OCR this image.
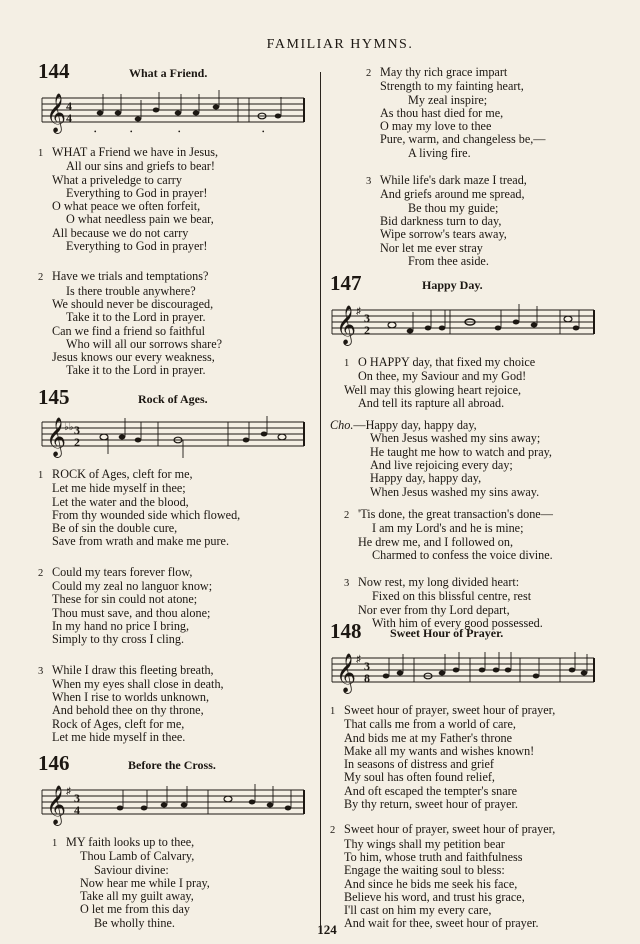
FAMILIAR HYMNS.
144	What a Friend.
𝄞 4
4
•	•	•	•
1 WHAT a Friend we have in Jesus,
All our sins and griefs to bear!
What a priveledge to carry
Everything to God in prayer!
O what peace we often forfeit,
O what needless pain we bear,
All because we do not carry
Everything to God in prayer!
2 Have we trials and temptations?
Is there trouble anywhere?
We should never be discouraged,
Take it to the Lord in prayer.
Can we find a friend so faithful
Who will all our sorrows share?
Jesus knows our every weakness,
Take it to the Lord in prayer.
145	Rock of Ages.
𝄞
♭♭ 3
2
1 ROCK of Ages, cleft for me,
Let me hide myself in thee;
Let the water and the blood,
From thy wounded side which flowed,
Be of sin the double cure,
Save from wrath and make me pure.
2 Could my tears forever flow,
Could my zeal no languor know;
These for sin could not atone;
Thou must save, and thou alone;
In my hand no price I bring,
Simply to thy cross I cling.
3 While I draw this fleeting breath,
When my eyes shall close in death,
When I rise to worlds unknown,
And behold thee on thy throne,
Rock of Ages, cleft for me,
Let me hide myself in thee.
146	Before the Cross.
𝄞 ♯ 3
4
1 MY faith looks up to thee,
Thou Lamb of Calvary,
Saviour divine:
Now hear me while I pray,
Take all my guilt away,
O let me from this day
Be wholly thine.
2 May thy rich grace impart
Strength to my fainting heart,
My zeal inspire;
As thou hast died for me,
O may my love to thee
Pure, warm, and changeless be,—
A living fire.
3 While life's dark maze I tread,
And griefs around me spread,
Be thou my guide;
Bid darkness turn to day,
Wipe sorrow's tears away,
Nor let me ever stray
From thee aside.
147	Happy Day.
𝄞 ♯ 3
2
1 O HAPPY day, that fixed my choice
On thee, my Saviour and my God!
Well may this glowing heart rejoice,
And tell its rapture all abroad.
Cho.—Happy day, happy day,
When Jesus washed my sins away;
He taught me how to watch and pray,
And live rejoicing every day;
Happy day, happy day,
When Jesus washed my sins away.
2 'Tis done, the great transaction's done—
I am my Lord's and he is mine;
He drew me, and I followed on,
Charmed to confess the voice divine.
3 Now rest, my long divided heart:
Fixed on this blissful centre, rest
Nor ever from thy Lord depart,
With him of every good possessed.
148 Sweet Hour of Prayer.
𝄞 ♯ 3
8
1 Sweet hour of prayer, sweet hour of prayer,
That calls me from a world of care,
And bids me at my Father's throne
Make all my wants and wishes known!
In seasons of distress and grief
My soul has often found relief,
And oft escaped the tempter's snare
By thy return, sweet hour of prayer.
2 Sweet hour of prayer, sweet hour of prayer,
Thy wings shall my petition bear
To him, whose truth and faithfulness
Engage the waiting soul to bless:
And since he bids me seek his face,
Believe his word, and trust his grace,
I'll cast on him my every care,
And wait for thee, sweet hour of prayer.
124
